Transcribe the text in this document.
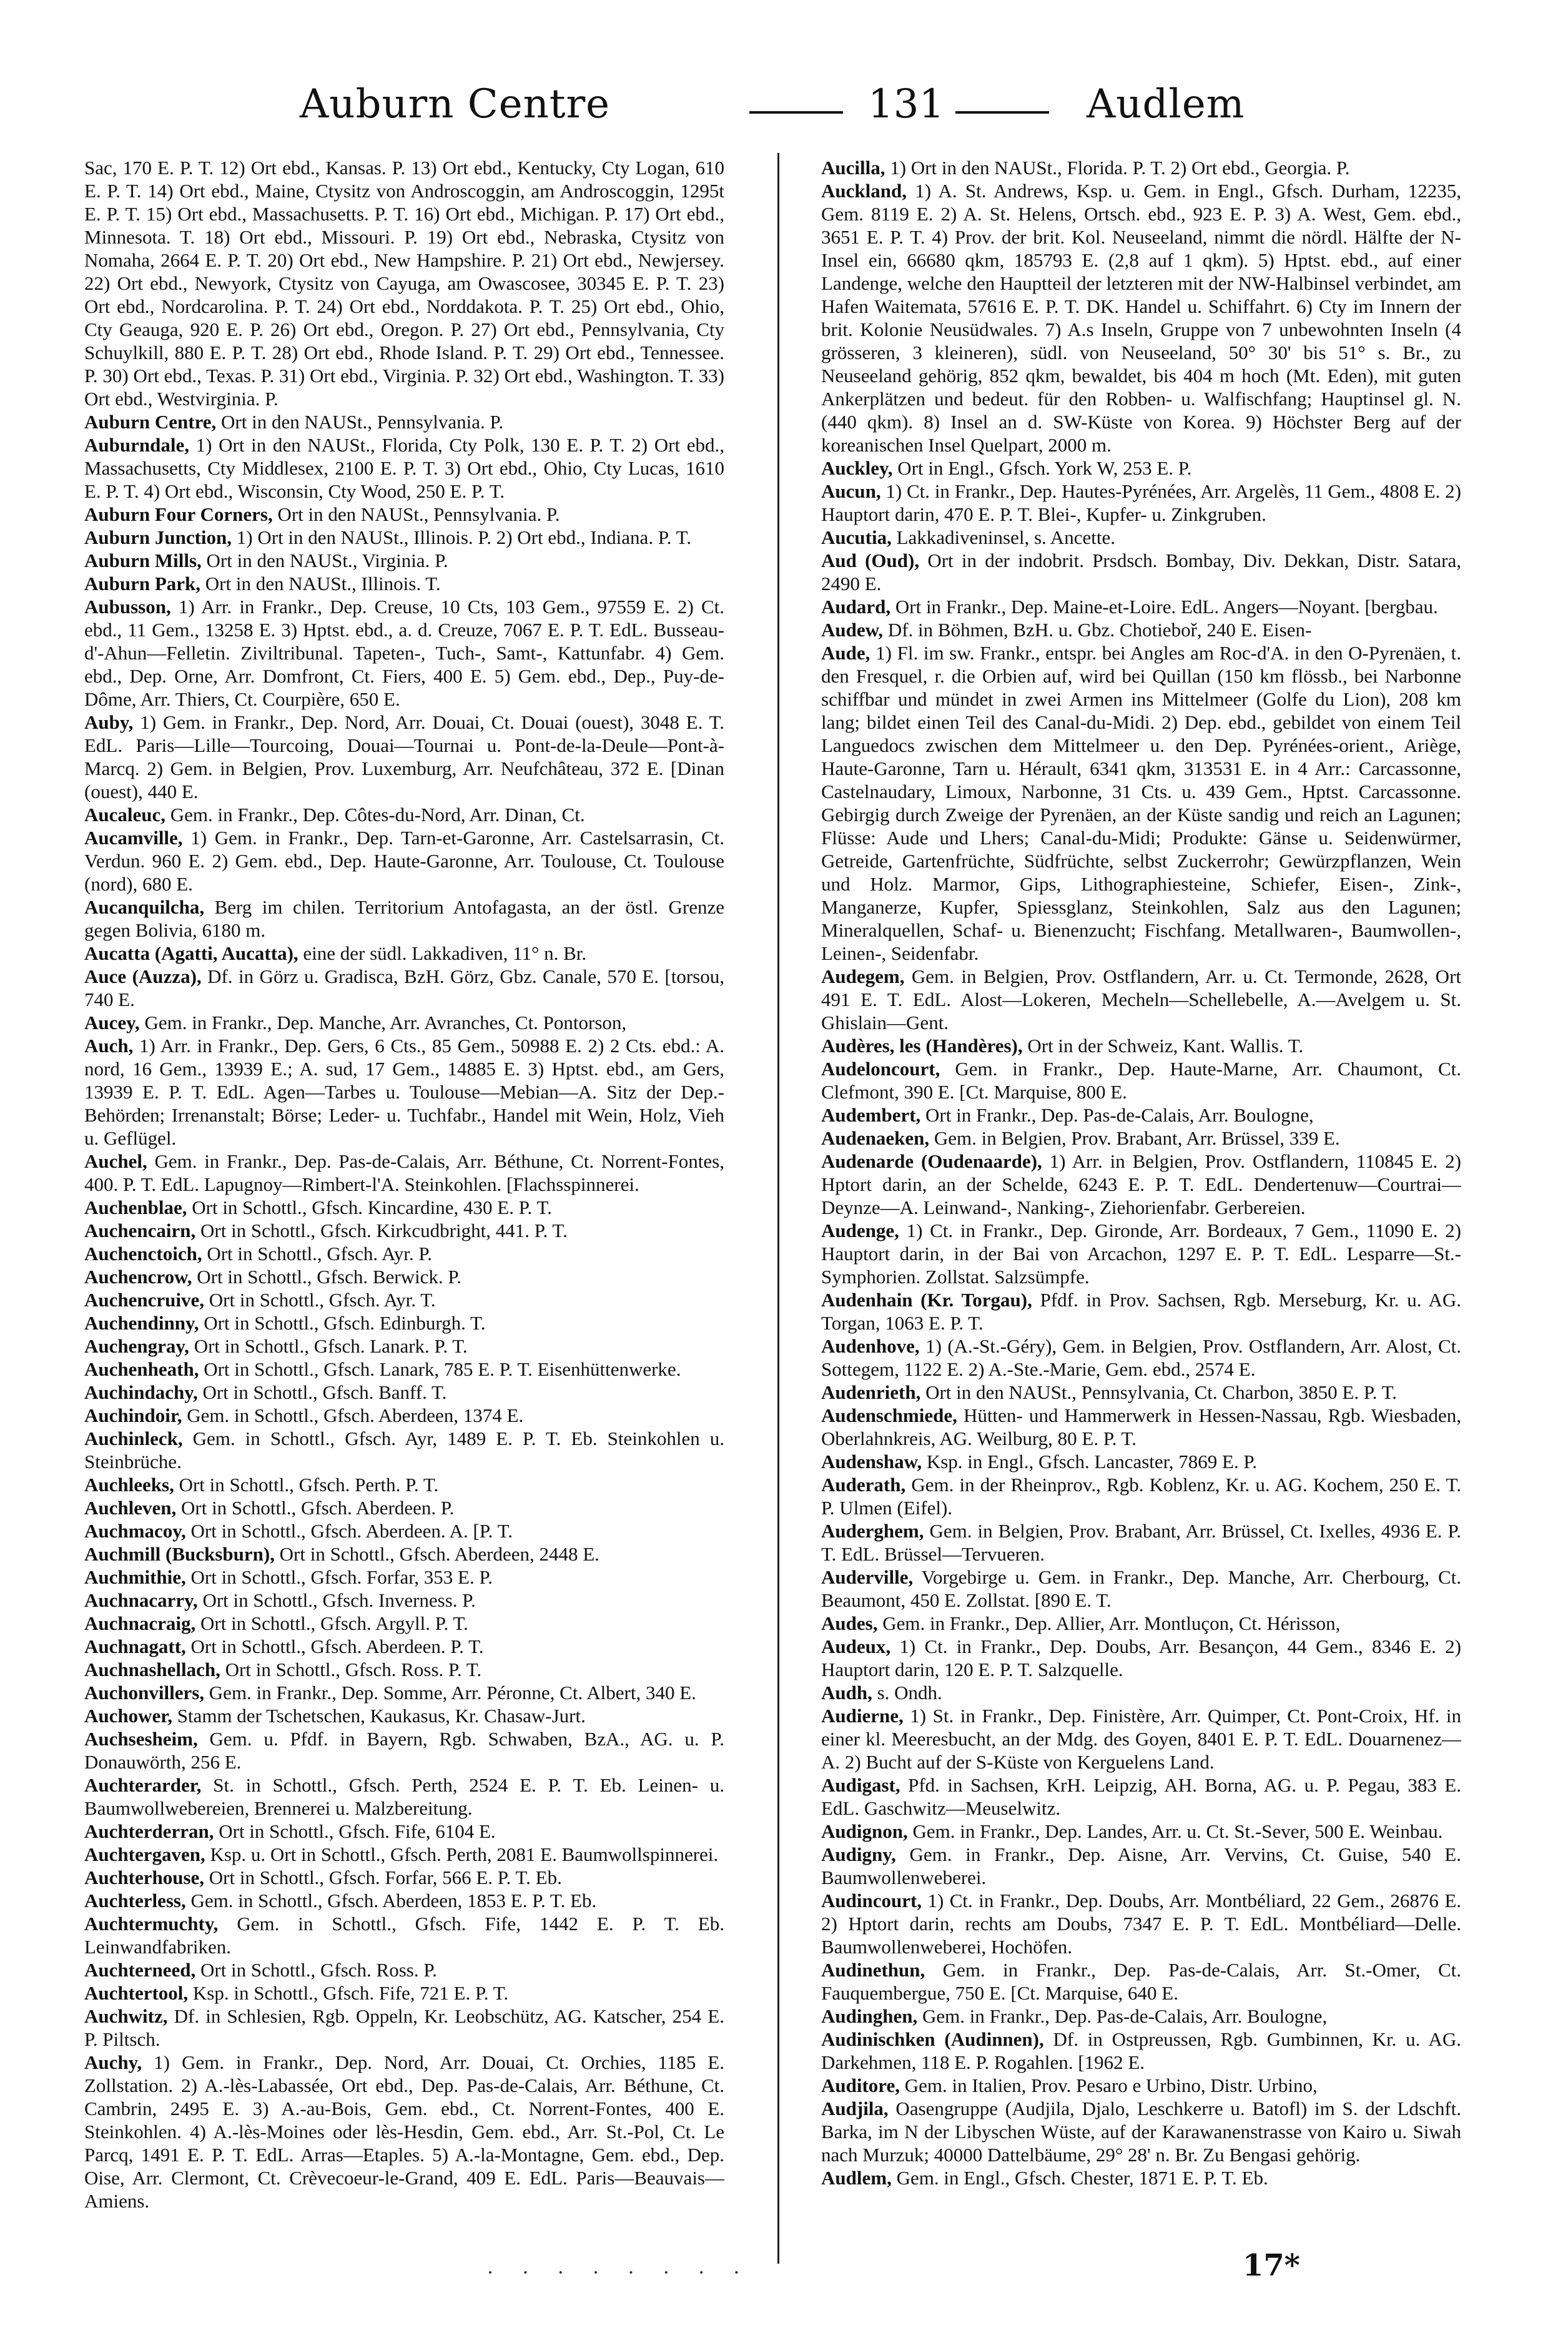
Auburn Centre	131	Audlem

Sac, 170 E. P. T. 12) Ort ebd., Kansas. P. 13) Ort ebd., Kentucky, Cty Logan, 610 E. P. T. 14) Ort ebd., Maine, Ctysitz von Androscoggin, am Androscoggin, 1295t E. P. T. 15) Ort ebd., Massachusetts. P. T. 16) Ort ebd., Michigan. P. 17) Ort ebd., Minnesota. T. 18) Ort ebd., Missouri. P. 19) Ort ebd., Nebraska, Ctysitz von Nomaha, 2664 E. P. T. 20) Ort ebd., New Hampshire. P. 21) Ort ebd., Newjersey. 22) Ort ebd., Newyork, Ctysitz von Cayuga, am Owascosee, 30345 E. P. T. 23) Ort ebd., Nordcarolina. P. T. 24) Ort ebd., Norddakota. P. T. 25) Ort ebd., Ohio, Cty Geauga, 920 E. P. 26) Ort ebd., Oregon. P. 27) Ort ebd., Pennsylvania, Cty Schuylkill, 880 E. P. T. 28) Ort ebd., Rhode Island. P. T. 29) Ort ebd., Tennessee. P. 30) Ort ebd., Texas. P. 31) Ort ebd., Virginia. P. 32) Ort ebd., Washington. T. 33) Ort ebd., Westvirginia. P.

Auburn Centre, Ort in den NAUSt., Pennsylvania. P.

Auburndale, 1) Ort in den NAUSt., Florida, Cty Polk, 130 E. P. T. 2) Ort ebd., Massachusetts, Cty Middlesex, 2100 E. P. T. 3) Ort ebd., Ohio, Cty Lucas, 1610 E. P. T. 4) Ort ebd., Wisconsin, Cty Wood, 250 E. P. T.

Auburn Four Corners, Ort in den NAUSt., Pennsylvania. P.

Auburn Junction, 1) Ort in den NAUSt., Illinois. P. 2) Ort ebd., Indiana. P. T.

Auburn Mills, Ort in den NAUSt., Virginia. P.

Auburn Park, Ort in den NAUSt., Illinois. T.

Aubusson, 1) Arr. in Frankr., Dep. Creuse, 10 Cts, 103 Gem., 97559 E. 2) Ct. ebd., 11 Gem., 13258 E. 3) Hptst. ebd., a. d. Creuze, 7067 E. P. T. EdL. Busseau-d'-Ahun—Felletin. Ziviltribunal. Tapeten-, Tuch-, Samt-, Kattunfabr. 4) Gem. ebd., Dep. Orne, Arr. Domfront, Ct. Fiers, 400 E. 5) Gem. ebd., Dep., Puy-de-Dôme, Arr. Thiers, Ct. Courpière, 650 E.

Auby, 1) Gem. in Frankr., Dep. Nord, Arr. Douai, Ct. Douai (ouest), 3048 E. T. EdL. Paris—Lille—Tourcoing, Douai—Tournai u. Pont-de-la-Deule—Pont-à-Marcq. 2) Gem. in Belgien, Prov. Luxemburg, Arr. Neufchâteau, 372 E. [Dinan (ouest), 440 E.

Aucaleuc, Gem. in Frankr., Dep. Côtes-du-Nord, Arr. Dinan, Ct.

Aucamville, 1) Gem. in Frankr., Dep. Tarn-et-Garonne, Arr. Castelsarrasin, Ct. Verdun. 960 E. 2) Gem. ebd., Dep. Haute-Garonne, Arr. Toulouse, Ct. Toulouse (nord), 680 E.

Aucanquilcha, Berg im chilen. Territorium Antofagasta, an der östl. Grenze gegen Bolivia, 6180 m.

Aucatta (Agatti, Aucatta), eine der südl. Lakkadiven, 11° n. Br.

Auce (Auzza), Df. in Görz u. Gradisca, BzH. Görz, Gbz. Canale, 570 E. [torsou, 740 E.

Aucey, Gem. in Frankr., Dep. Manche, Arr. Avranches, Ct. Pontorson,

Auch, 1) Arr. in Frankr., Dep. Gers, 6 Cts., 85 Gem., 50988 E. 2) 2 Cts. ebd.: A. nord, 16 Gem., 13939 E.; A. sud, 17 Gem., 14885 E. 3) Hptst. ebd., am Gers, 13939 E. P. T. EdL. Agen—Tarbes u. Toulouse—Mebian—A. Sitz der Dep.-Behörden; Irrenanstalt; Börse; Leder- u. Tuchfabr., Handel mit Wein, Holz, Vieh u. Geflügel.

Auchel, Gem. in Frankr., Dep. Pas-de-Calais, Arr. Béthune, Ct. Norrent-Fontes, 400. P. T. EdL. Lapugnoy—Rimbert-l'A. Steinkohlen. [Flachsspinnerei.

Auchenblae, Ort in Schottl., Gfsch. Kincardine, 430 E. P. T.

Auchencairn, Ort in Schottl., Gfsch. Kirkcudbright, 441. P. T.

Auchenctoich, Ort in Schottl., Gfsch. Ayr. P.

Auchencrow, Ort in Schottl., Gfsch. Berwick. P.

Auchencruive, Ort in Schottl., Gfsch. Ayr. T.

Auchendinny, Ort in Schottl., Gfsch. Edinburgh. T.

Auchengray, Ort in Schottl., Gfsch. Lanark. P. T.

Auchenheath, Ort in Schottl., Gfsch. Lanark, 785 E. P. T. Eisenhüttenwerke.

Auchindachy, Ort in Schottl., Gfsch. Banff. T.

Auchindoir, Gem. in Schottl., Gfsch. Aberdeen, 1374 E.

Auchinleck, Gem. in Schottl., Gfsch. Ayr, 1489 E. P. T. Eb. Steinkohlen u. Steinbrüche.

Auchleeks, Ort in Schottl., Gfsch. Perth. P. T.

Auchleven, Ort in Schottl., Gfsch. Aberdeen. P.

Auchmacoy, Ort in Schottl., Gfsch. Aberdeen. A. [P. T.

Auchmill (Bucksburn), Ort in Schottl., Gfsch. Aberdeen, 2448 E.

Auchmithie, Ort in Schottl., Gfsch. Forfar, 353 E. P.

Auchnacarry, Ort in Schottl., Gfsch. Inverness. P.

Auchnacraig, Ort in Schottl., Gfsch. Argyll. P. T.

Auchnagatt, Ort in Schottl., Gfsch. Aberdeen. P. T.

Auchnashellach, Ort in Schottl., Gfsch. Ross. P. T.

Auchonvillers, Gem. in Frankr., Dep. Somme, Arr. Péronne, Ct. Albert, 340 E.

Auchower, Stamm der Tschetschen, Kaukasus, Kr. Chasaw-Jurt.

Auchsesheim, Gem. u. Pfdf. in Bayern, Rgb. Schwaben, BzA., AG. u. P. Donauwörth, 256 E.

Auchterarder, St. in Schottl., Gfsch. Perth, 2524 E. P. T. Eb. Leinen- u. Baumwollwebereien, Brennerei u. Malzbereitung.

Auchterderran, Ort in Schottl., Gfsch. Fife, 6104 E.

Auchtergaven, Ksp. u. Ort in Schottl., Gfsch. Perth, 2081 E. Baumwollspinnerei.

Auchterhouse, Ort in Schottl., Gfsch. Forfar, 566 E. P. T. Eb.

Auchterless, Gem. in Schottl., Gfsch. Aberdeen, 1853 E. P. T. Eb.

Auchtermuchty, Gem. in Schottl., Gfsch. Fife, 1442 E. P. T. Eb. Leinwandfabriken.

Auchterneed, Ort in Schottl., Gfsch. Ross. P.

Auchtertool, Ksp. in Schottl., Gfsch. Fife, 721 E. P. T.

Auchwitz, Df. in Schlesien, Rgb. Oppeln, Kr. Leobschütz, AG. Katscher, 254 E. P. Piltsch.

Auchy, 1) Gem. in Frankr., Dep. Nord, Arr. Douai, Ct. Orchies, 1185 E. Zollstation. 2) A.-lès-Labassée, Ort ebd., Dep. Pas-de-Calais, Arr. Béthune, Ct. Cambrin, 2495 E. 3) A.-au-Bois, Gem. ebd., Ct. Norrent-Fontes, 400 E. Steinkohlen. 4) A.-lès-Moines oder lès-Hesdin, Gem. ebd., Arr. St.-Pol, Ct. Le Parcq, 1491 E. P. T. EdL. Arras—Etaples. 5) A.-la-Montagne, Gem. ebd., Dep. Oise, Arr. Clermont, Ct. Crèvecoeur-le-Grand, 409 E. EdL. Paris—Beauvais—Amiens.

Aucilla, 1) Ort in den NAUSt., Florida. P. T. 2) Ort ebd., Georgia. P.

Auckland, 1) A. St. Andrews, Ksp. u. Gem. in Engl., Gfsch. Durham, 12235, Gem. 8119 E. 2) A. St. Helens, Ortsch. ebd., 923 E. P. 3) A. West, Gem. ebd., 3651 E. P. T. 4) Prov. der brit. Kol. Neuseeland, nimmt die nördl. Hälfte der N-Insel ein, 66680 qkm, 185793 E. (2,8 auf 1 qkm). 5) Hptst. ebd., auf einer Landenge, welche den Hauptteil der letzteren mit der NW-Halbinsel verbindet, am Hafen Waitemata, 57616 E. P. T. DK. Handel u. Schiffahrt. 6) Cty im Innern der brit. Kolonie Neusüdwales. 7) A.s Inseln, Gruppe von 7 unbewohnten Inseln (4 grösseren, 3 kleineren), südl. von Neuseeland, 50° 30' bis 51° s. Br., zu Neuseeland gehörig, 852 qkm, bewaldet, bis 404 m hoch (Mt. Eden), mit guten Ankerplätzen und bedeut. für den Robben- u. Walfischfang; Hauptinsel gl. N. (440 qkm). 8) Insel an d. SW-Küste von Korea. 9) Höchster Berg auf der koreanischen Insel Quelpart, 2000 m.

Auckley, Ort in Engl., Gfsch. York W, 253 E. P.

Aucun, 1) Ct. in Frankr., Dep. Hautes-Pyrénées, Arr. Argelès, 11 Gem., 4808 E. 2) Hauptort darin, 470 E. P. T. Blei-, Kupfer- u. Zinkgruben.

Aucutia, Lakkadiveninsel, s. Ancette.

Aud (Oud), Ort in der indobrit. Prsdsch. Bombay, Div. Dekkan, Distr. Satara, 2490 E.

Audard, Ort in Frankr., Dep. Maine-et-Loire. EdL. Angers—Noyant. [bergbau.

Audew, Df. in Böhmen, BzH. u. Gbz. Chotieboř, 240 E. Eisen-

Aude, 1) Fl. im sw. Frankr., entspr. bei Angles am Roc-d'A. in den O-Pyrenäen, t. den Fresquel, r. die Orbien auf, wird bei Quillan (150 km flössb., bei Narbonne schiffbar und mündet in zwei Armen ins Mittelmeer (Golfe du Lion), 208 km lang; bildet einen Teil des Canal-du-Midi. 2) Dep. ebd., gebildet von einem Teil Languedocs zwischen dem Mittelmeer u. den Dep. Pyrénées-orient., Ariège, Haute-Garonne, Tarn u. Hérault, 6341 qkm, 313531 E. in 4 Arr.: Carcassonne, Castelnaudary, Limoux, Narbonne, 31 Cts. u. 439 Gem., Hptst. Carcassonne. Gebirgig durch Zweige der Pyrenäen, an der Küste sandig und reich an Lagunen; Flüsse: Aude und Lhers; Canal-du-Midi; Produkte: Gänse u. Seidenwürmer, Getreide, Gartenfrüchte, Südfrüchte, selbst Zuckerrohr; Gewürzpflanzen, Wein und Holz. Marmor, Gips, Lithographiesteine, Schiefer, Eisen-, Zink-, Manganerze, Kupfer, Spiessglanz, Steinkohlen, Salz aus den Lagunen; Mineralquellen, Schaf- u. Bienenzucht; Fischfang. Metallwaren-, Baumwollen-, Leinen-, Seidenfabr.

Audegem, Gem. in Belgien, Prov. Ostflandern, Arr. u. Ct. Termonde, 2628, Ort 491 E. T. EdL. Alost—Lokeren, Mecheln—Schellebelle, A.—Avelgem u. St. Ghislain—Gent.

Audères, les (Handères), Ort in der Schweiz, Kant. Wallis. T.

Audeloncourt, Gem. in Frankr., Dep. Haute-Marne, Arr. Chaumont, Ct. Clefmont, 390 E. [Ct. Marquise, 800 E.

Audembert, Ort in Frankr., Dep. Pas-de-Calais, Arr. Boulogne,

Audenaeken, Gem. in Belgien, Prov. Brabant, Arr. Brüssel, 339 E.

Audenarde (Oudenaarde), 1) Arr. in Belgien, Prov. Ostflandern, 110845 E. 2) Hptort darin, an der Schelde, 6243 E. P. T. EdL. Dendertenuw—Courtrai—Deynze—A. Leinwand-, Nanking-, Ziehorienfabr. Gerbereien.

Audenge, 1) Ct. in Frankr., Dep. Gironde, Arr. Bordeaux, 7 Gem., 11090 E. 2) Hauptort darin, in der Bai von Arcachon, 1297 E. P. T. EdL. Lesparre—St.-Symphorien. Zollstat. Salzsümpfe.

Audenhain (Kr. Torgau), Pfdf. in Prov. Sachsen, Rgb. Merseburg, Kr. u. AG. Torgan, 1063 E. P. T.

Audenhove, 1) (A.-St.-Géry), Gem. in Belgien, Prov. Ostflandern, Arr. Alost, Ct. Sottegem, 1122 E. 2) A.-Ste.-Marie, Gem. ebd., 2574 E.

Audenrieth, Ort in den NAUSt., Pennsylvania, Ct. Charbon, 3850 E. P. T.

Audenschmiede, Hütten- und Hammerwerk in Hessen-Nassau, Rgb. Wiesbaden, Oberlahnkreis, AG. Weilburg, 80 E. P. T.

Audenshaw, Ksp. in Engl., Gfsch. Lancaster, 7869 E. P.

Auderath, Gem. in der Rheinprov., Rgb. Koblenz, Kr. u. AG. Kochem, 250 E. T. P. Ulmen (Eifel).

Auderghem, Gem. in Belgien, Prov. Brabant, Arr. Brüssel, Ct. Ixelles, 4936 E. P. T. EdL. Brüssel—Tervueren.

Auderville, Vorgebirge u. Gem. in Frankr., Dep. Manche, Arr. Cherbourg, Ct. Beaumont, 450 E. Zollstat. [890 E. T.

Audes, Gem. in Frankr., Dep. Allier, Arr. Montluçon, Ct. Hérisson,

Audeux, 1) Ct. in Frankr., Dep. Doubs, Arr. Besançon, 44 Gem., 8346 E. 2) Hauptort darin, 120 E. P. T. Salzquelle.

Audh, s. Ondh.

Audierne, 1) St. in Frankr., Dep. Finistère, Arr. Quimper, Ct. Pont-Croix, Hf. in einer kl. Meeresbucht, an der Mdg. des Goyen, 8401 E. P. T. EdL. Douarnenez—A. 2) Bucht auf der S-Küste von Kerguelens Land.

Audigast, Pfd. in Sachsen, KrH. Leipzig, AH. Borna, AG. u. P. Pegau, 383 E. EdL. Gaschwitz—Meuselwitz.

Audignon, Gem. in Frankr., Dep. Landes, Arr. u. Ct. St.-Sever, 500 E. Weinbau.

Audigny, Gem. in Frankr., Dep. Aisne, Arr. Vervins, Ct. Guise, 540 E. Baumwollenweberei.

Audincourt, 1) Ct. in Frankr., Dep. Doubs, Arr. Montbéliard, 22 Gem., 26876 E. 2) Hptort darin, rechts am Doubs, 7347 E. P. T. EdL. Montbéliard—Delle. Baumwollenweberei, Hochöfen.

Audinethun, Gem. in Frankr., Dep. Pas-de-Calais, Arr. St.-Omer, Ct. Fauquembergue, 750 E. [Ct. Marquise, 640 E.

Audinghen, Gem. in Frankr., Dep. Pas-de-Calais, Arr. Boulogne,

Audinischken (Audinnen), Df. in Ostpreussen, Rgb. Gumbinnen, Kr. u. AG. Darkehmen, 118 E. P. Rogahlen. [1962 E.

Auditore, Gem. in Italien, Prov. Pesaro e Urbino, Distr. Urbino,

Audjila, Oasengruppe (Audjila, Djalo, Leschkerre u. Batofl) im S. der Ldschft. Barka, im N der Libyschen Wüste, auf der Karawanenstrasse von Kairo u. Siwah nach Murzuk; 40000 Dattelbäume, 29° 28' n. Br. Zu Bengasi gehörig.

Audlem, Gem. in Engl., Gfsch. Chester, 1871 E. P. T. Eb.

· · · · · · · ·	17*
